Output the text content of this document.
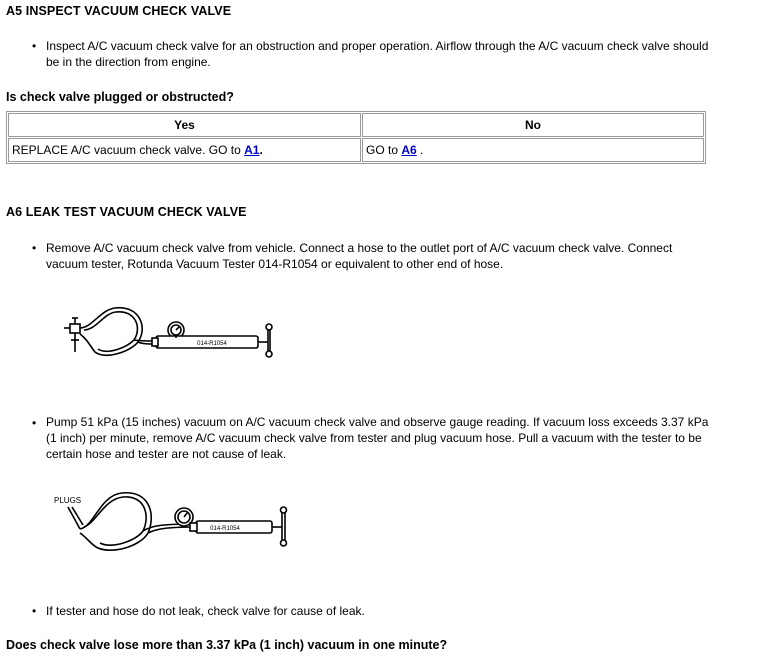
A5 INSPECT VACUUM CHECK VALVE
• Inspect A/C vacuum check valve for an obstruction and proper operation. Airflow through the A/C vacuum check valve should
be in the direction from engine.
Is check valve plugged or obstructed?
Yes	No
REPLACE A/C vacuum check valve. GO to A1.	GO to A6 .
A6 LEAK TEST VACUUM CHECK VALVE
• Remove A/C vacuum check valve from vehicle. Connect a hose to the outlet port of A/C vacuum check valve. Connect
vacuum tester, Rotunda Vacuum Tester 014-R1054 or equivalent to other end of hose.
014-R1054
• Pump 51 kPa (15 inches) vacuum on A/C vacuum check valve and observe gauge reading. If vacuum loss exceeds 3.37 kPa
(1 inch) per minute, remove A/C vacuum check valve from tester and plug vacuum hose. Pull a vacuum with the tester to be
certain hose and tester are not cause of leak.
PLUGS
014-R1054
• If tester and hose do not leak, check valve for cause of leak.
Does check valve lose more than 3.37 kPa (1 inch) vacuum in one minute?
